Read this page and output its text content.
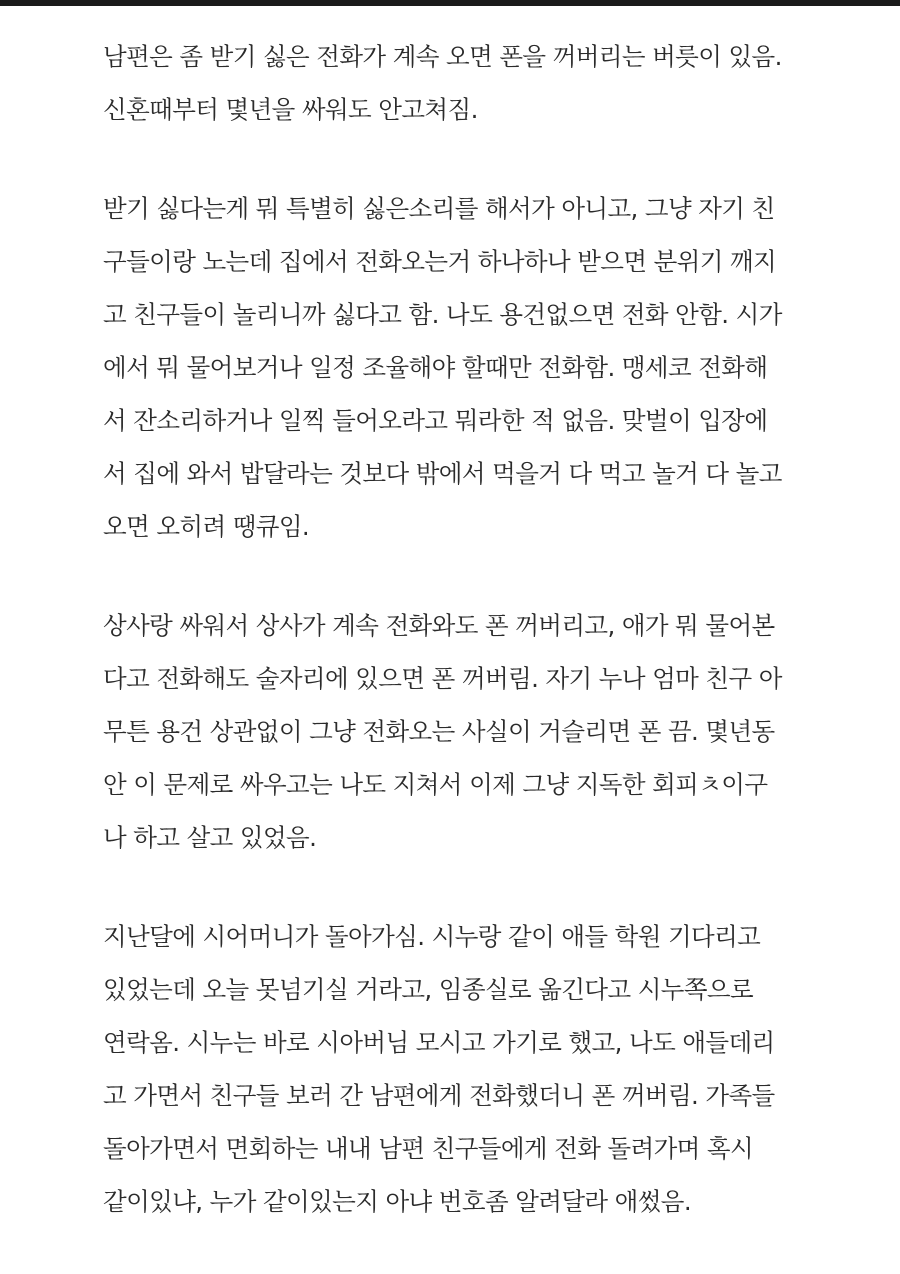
남편은 좀 받기 싫은 전화가 계속 오면 폰을 꺼버리는 버릇이 있음.
신혼때부터 몇년을 싸워도 안고쳐짐.
받기 싫다는게 뭐 특별히 싫은소리를 해서가 아니고, 그냥 자기 친
구들이랑 노는데 집에서 전화오는거 하나하나 받으면 분위기 깨지
고 친구들이 놀리니까 싫다고 함. 나도 용건없으면 전화 안함. 시가
에서 뭐 물어보거나 일정 조율해야 할때만 전화함. 맹세코 전화해
서 잔소리하거나 일찍 들어오라고 뭐라한 적 없음. 맞벌이 입장에
서 집에 와서 밥달라는 것보다 밖에서 먹을거 다 먹고 놀거 다 놀고
오면 오히려 땡큐임.
상사랑 싸워서 상사가 계속 전화와도 폰 꺼버리고, 애가 뭐 물어본
다고 전화해도 술자리에 있으면 폰 꺼버림. 자기 누나 엄마 친구 아
무튼 용건 상관없이 그냥 전화오는 사실이 거슬리면 폰 끔. 몇년동
안 이 문제로 싸우고는 나도 지쳐서 이제 그냥 지독한 회피ㅊ이구
나 하고 살고 있었음.
지난달에 시어머니가 돌아가심. 시누랑 같이 애들 학원 기다리고
있었는데 오늘 못넘기실 거라고, 임종실로 옮긴다고 시누쪽으로
연락옴. 시누는 바로 시아버님 모시고 가기로 했고, 나도 애들데리
고 가면서 친구들 보러 간 남편에게 전화했더니 폰 꺼버림. 가족들
돌아가면서 면회하는 내내 남편 친구들에게 전화 돌려가며 혹시
같이있냐, 누가 같이있는지 아냐 번호좀 알려달라 애썼음.
